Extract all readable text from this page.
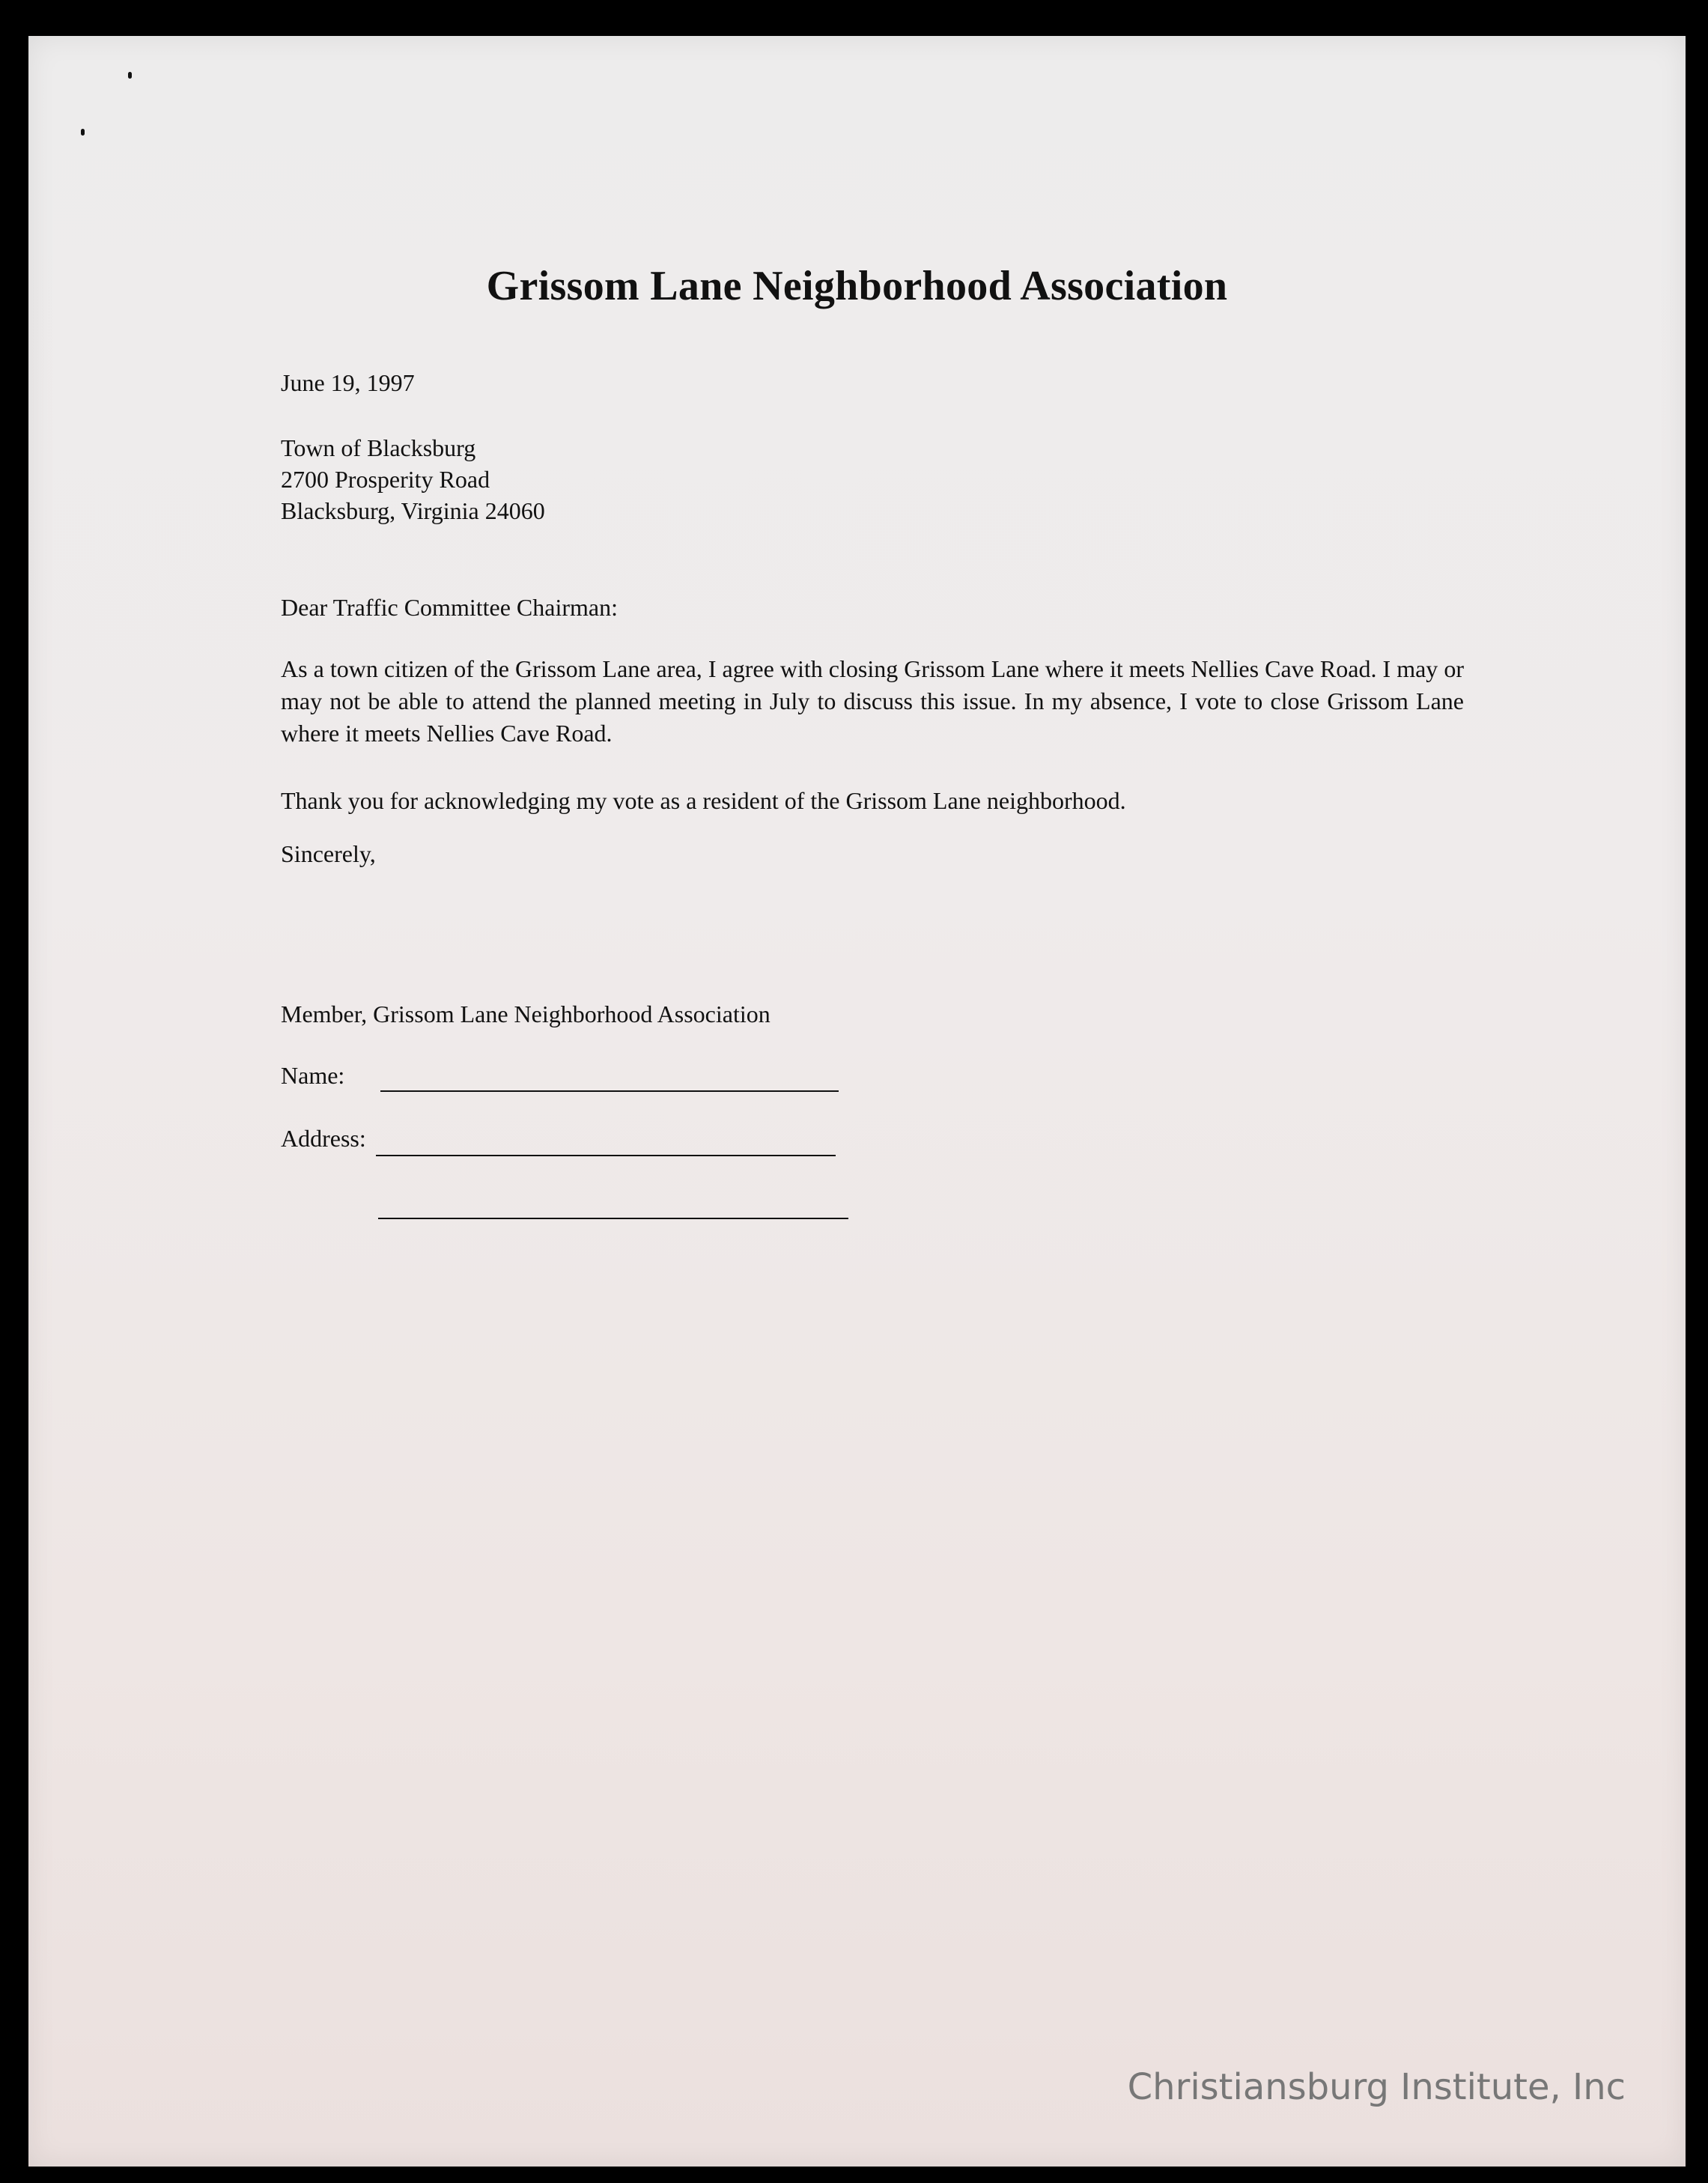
Grissom Lane Neighborhood Association
June 19, 1997
Town of Blacksburg
2700 Prosperity Road
Blacksburg, Virginia 24060
Dear Traffic Committee Chairman:
As a town citizen of the Grissom Lane area, I agree with closing Grissom Lane where it meets Nellies Cave Road. I may or may not be able to attend the planned meeting in July to discuss this issue. In my absence, I vote to close Grissom Lane where it meets Nellies Cave Road.
Thank you for acknowledging my vote as a resident of the Grissom Lane neighborhood.
Sincerely,
Member, Grissom Lane Neighborhood Association
Name:
Address:
Christiansburg Institute, Inc
